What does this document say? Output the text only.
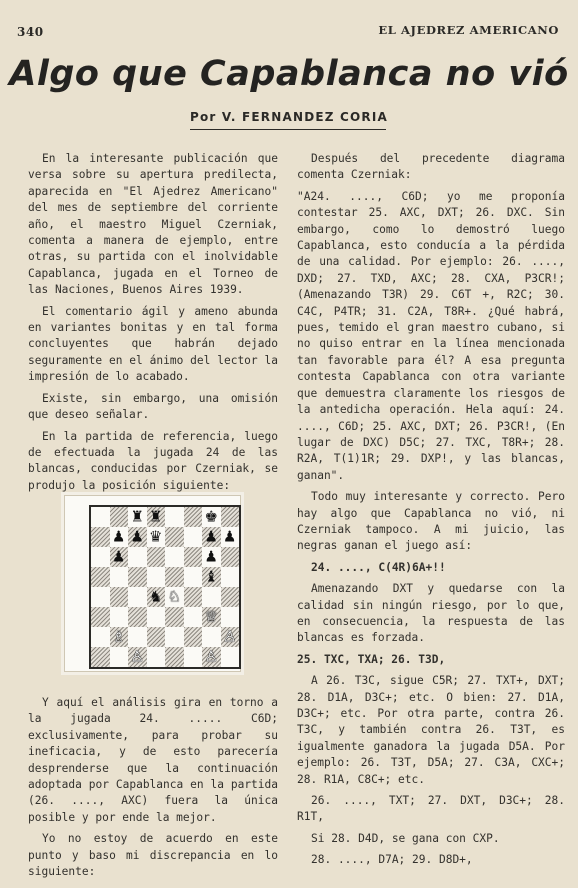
340	EL AJEDREZ AMERICANO
Algo que Capablanca no vió
Por V. FERNANDEZ CORIA

En la interesante publicación que versa sobre su apertura predilecta, aparecida en "El Ajedrez Americano" del mes de septiembre del corriente año, el maestro Miguel Czerniak, comenta a manera de ejemplo, entre otras, su partida con el inolvidable Capablanca, jugada en el Torneo de las Naciones, Buenos Aires 1939.

El comentario ágil y ameno abunda en variantes bonitas y en tal forma concluyentes que habrán dejado seguramente en el ánimo del lector la impresión de lo acabado.

Existe, sin embargo, una omisión que deseo señalar.

En la partida de referencia, luego de efectuada la jugada 24 de las blancas, conducidas por Czerniak, se produjo la posición siguiente:

♜ ♜	♚
♟ ♟ ♛	♟ ♟
♟	♟
♝
♞ ♘
♕
♗	♙
♙	♙

Y aquí el análisis gira en torno a la jugada 24. ..... C6D; exclusivamente, para probar su ineficacia, y de esto parecería desprenderse que la continuación adoptada por Capablanca en la partida (26. ...., AXC) fuera la única posible y por ende la mejor.

Yo no estoy de acuerdo en este punto y baso mi discrepancia en lo siguiente:

Después del precedente diagrama comenta Czerniak:

"A24. ...., C6D; yo me proponía contestar 25. AXC, DXT; 26. DXC. Sin embargo, como lo demostró luego Capablanca, esto conducía a la pérdida de una calidad. Por ejemplo: 26. ...., DXD; 27. TXD, AXC; 28. CXA, P3CR!; (Amenazando T3R) 29. C6T +, R2C; 30. C4C, P4TR; 31. C2A, T8R+. ¿Qué habrá, pues, temido el gran maestro cubano, si no quiso entrar en la línea mencionada tan favorable para él? A esa pregunta contesta Capablanca con otra variante que demuestra claramente los riesgos de la antedicha operación. Hela aquí: 24. ...., C6D; 25. AXC, DXT; 26. P3CR!, (En lugar de DXC) D5C; 27. TXC, T8R+; 28. R2A, T(1)1R; 29. DXP!, y las blancas, ganan".

Todo muy interesante y correcto. Pero hay algo que Capablanca no vió, ni Czerniak tampoco. A mi juicio, las negras ganan el juego así:

24. ...., C(4R)6A+!!

Amenazando DXT y quedarse con la calidad sin ningún riesgo, por lo que, en consecuencia, la respuesta de las blancas es forzada.

25. TXC, TXA; 26. T3D,

A 26. T3C, sigue C5R; 27. TXT+, DXT; 28. D1A, D3C+; etc. O bien: 27. D1A, D3C+; etc. Por otra parte, contra 26. T3C, y también contra 26. T3T, es igualmente ganadora la jugada D5A. Por ejemplo: 26. T3T, D5A; 27. C3A, CXC+; 28. R1A, C8C+; etc.

26. ...., TXT; 27. DXT, D3C+; 28. R1T,

Si 28. D4D, se gana con CXP.

28. ...., D7A; 29. D8D+,
